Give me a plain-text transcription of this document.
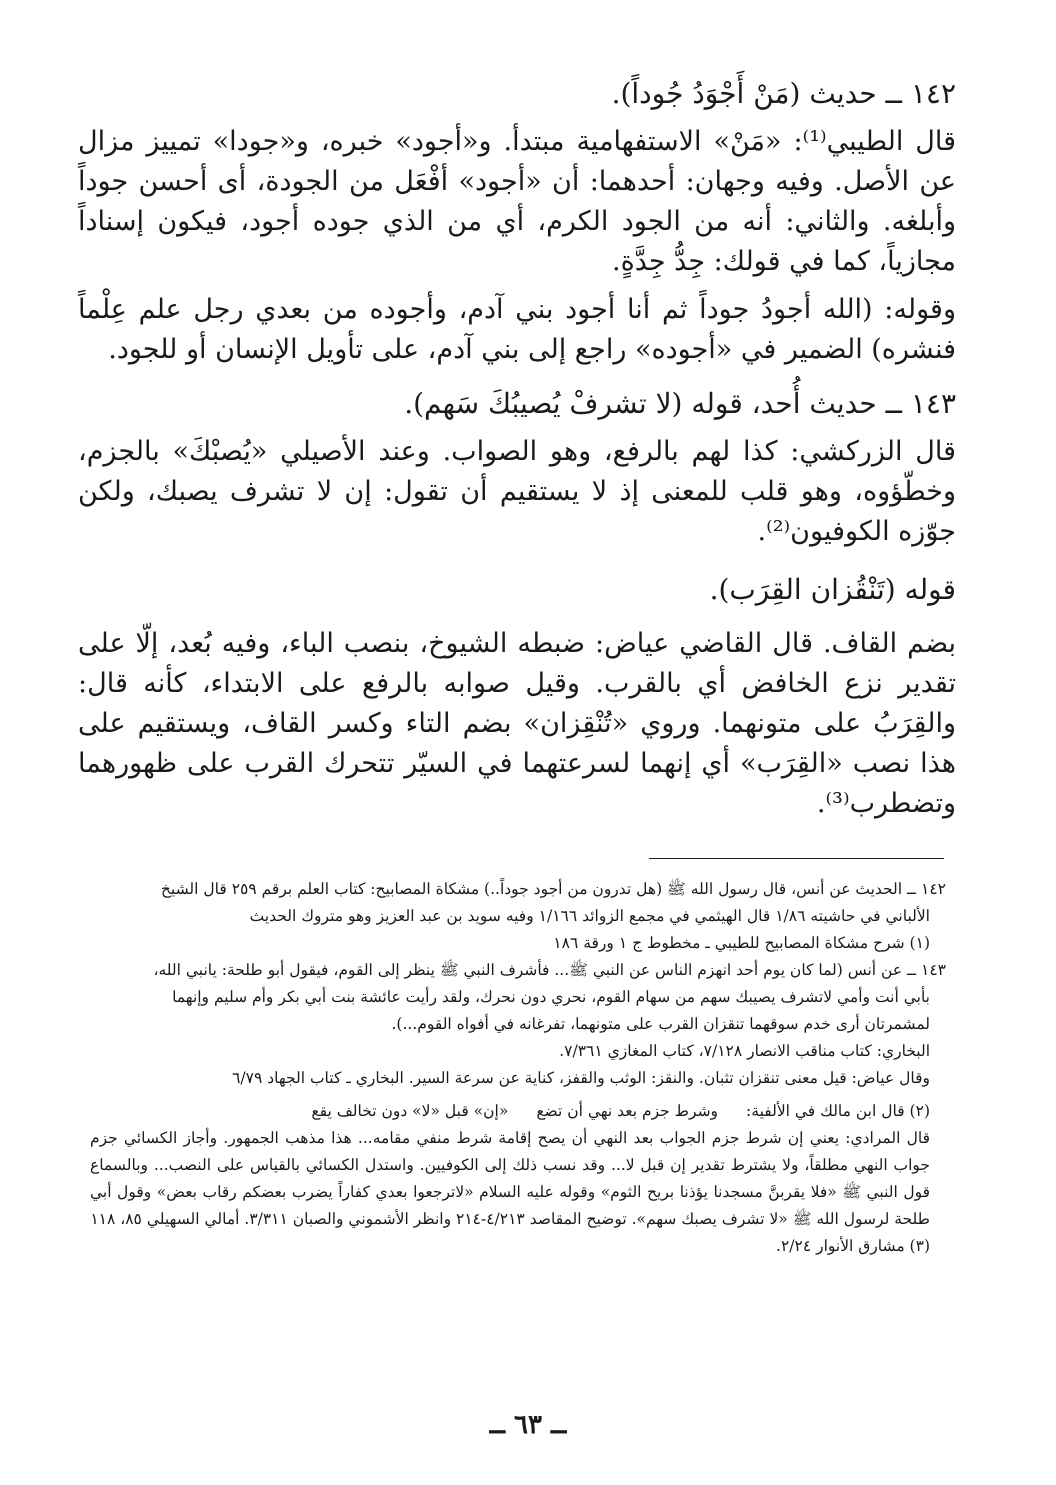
١٤٢ ــ حديث (مَنْ أَجْوَدُ جُوداً).

قال الطيبي⁽¹⁾: «مَنْ» الاستفهامية مبتدأ. و«أجود» خبره، و«جودا» تمييز مزال عن الأصل. وفيه وجهان: أحدهما: أن «أجود» أفْعَل من الجودة، أى أحسن جوداً وأبلغه. والثاني: أنه من الجود الكرم، أي من الذي جوده أجود، فيكون إسناداً مجازياً، كما في قولك: جِدُّ جِدَّةٍ.

وقوله: (الله أجودُ جوداً ثم أنا أجود بني آدم، وأجوده من بعدي رجل علم عِلْماً فنشره) الضمير في «أجوده» راجع إلى بني آدم، على تأويل الإنسان أو للجود.

١٤٣ ــ حديث أُحد، قوله (لا تشرفْ يُصيبُكَ سَهم).

قال الزركشي: كذا لهم بالرفع، وهو الصواب. وعند الأصيلي «يُصبْكَ» بالجزم، وخطّؤوه، وهو قلب للمعنى إذ لا يستقيم أن تقول: إن لا تشرف يصبك، ولكن جوّزه الكوفيون⁽²⁾.

قوله (تَنْقُزان القِرَب).

بضم القاف. قال القاضي عياض: ضبطه الشيوخ، بنصب الباء، وفيه بُعد، إلّا على تقدير نزع الخافض أي بالقرب. وقيل صوابه بالرفع على الابتداء، كأنه قال: والقِرَبُ على متونهما. وروي «تُنْقِزان» بضم التاء وكسر القاف، ويستقيم على هذا نصب «القِرَب» أي إنهما لسرعتهما في السيّر تتحرك القرب على ظهورهما وتضطرب⁽³⁾.

١٤٢ ــ الحديث عن أنس، قال رسول الله ﷺ (هل تدرون من أجود جوداً..) مشكاة المصابيح: كتاب العلم برقم ٢٥٩ قال الشيخ

الألباني في حاشيته ١/٨٦ قال الهيثمي في مجمع الزوائد ١/١٦٦ وفيه سويد بن عبد العزيز وهو متروك الحديث

(١) شرح مشكاة المصابيح للطيبي ـ مخطوط ج ١ ورقة ١٨٦

١٤٣ ــ عن أنس (لما كان يوم أحد انهزم الناس عن النبي ﷺ... فأشرف النبي ﷺ ينظر إلى القوم، فيقول أبو طلحة: يانبي الله،

بأبي أنت وأمي لاتشرف يصيبك سهم من سهام القوم، نحري دون نحرك، ولقد رأيت عائشة بنت أبي بكر وأم سليم وإنهما

لمشمرتان أرى خدم سوقهما تنقزان القرب على متونهما، تفرغانه في أفواه القوم...).

البخاري: كتاب مناقب الانصار ٧/١٢٨، كتاب المغازي ٧/٣٦١.

وقال عياض: قيل معنى تنقزان تثبان. والنقز: الوثب والقفز، كناية عن سرعة السير. البخاري ـ كتاب الجهاد ٦/٧٩

(٢) قال ابن مالك في الألفية:
وشرط جزم بعد نهي أن تضع
«إن» قبل «لا» دون تخالف يقع

قال المرادي: يعني إن شرط جزم الجواب بعد النهي أن يصح إقامة شرط منفي مقامه... هذا مذهب الجمهور. وأجاز الكسائي جزم جواب النهي مطلقاً، ولا يشترط تقدير إن قبل لا... وقد نسب ذلك إلى الكوفيين. واستدل الكسائي بالقياس على النصب... وبالسماع قول النبي ﷺ «فلا يقربنَّ مسجدنا يؤذنا بريح الثوم» وقوله عليه السلام «لاترجعوا بعدي كفاراً يضرب بعضكم رقاب بعض» وقول أبي طلحة لرسول الله ﷺ «لا تشرف يصبك سهم». توضيح المقاصد ٤/٢١٣-٢١٤ وانظر الأشموني والصبان ٣/٣١١. أمالي السهيلي ٨٥، ١١٨

(٣) مشارق الأنوار ٢/٢٤.

ــ ٦٣ ــ
